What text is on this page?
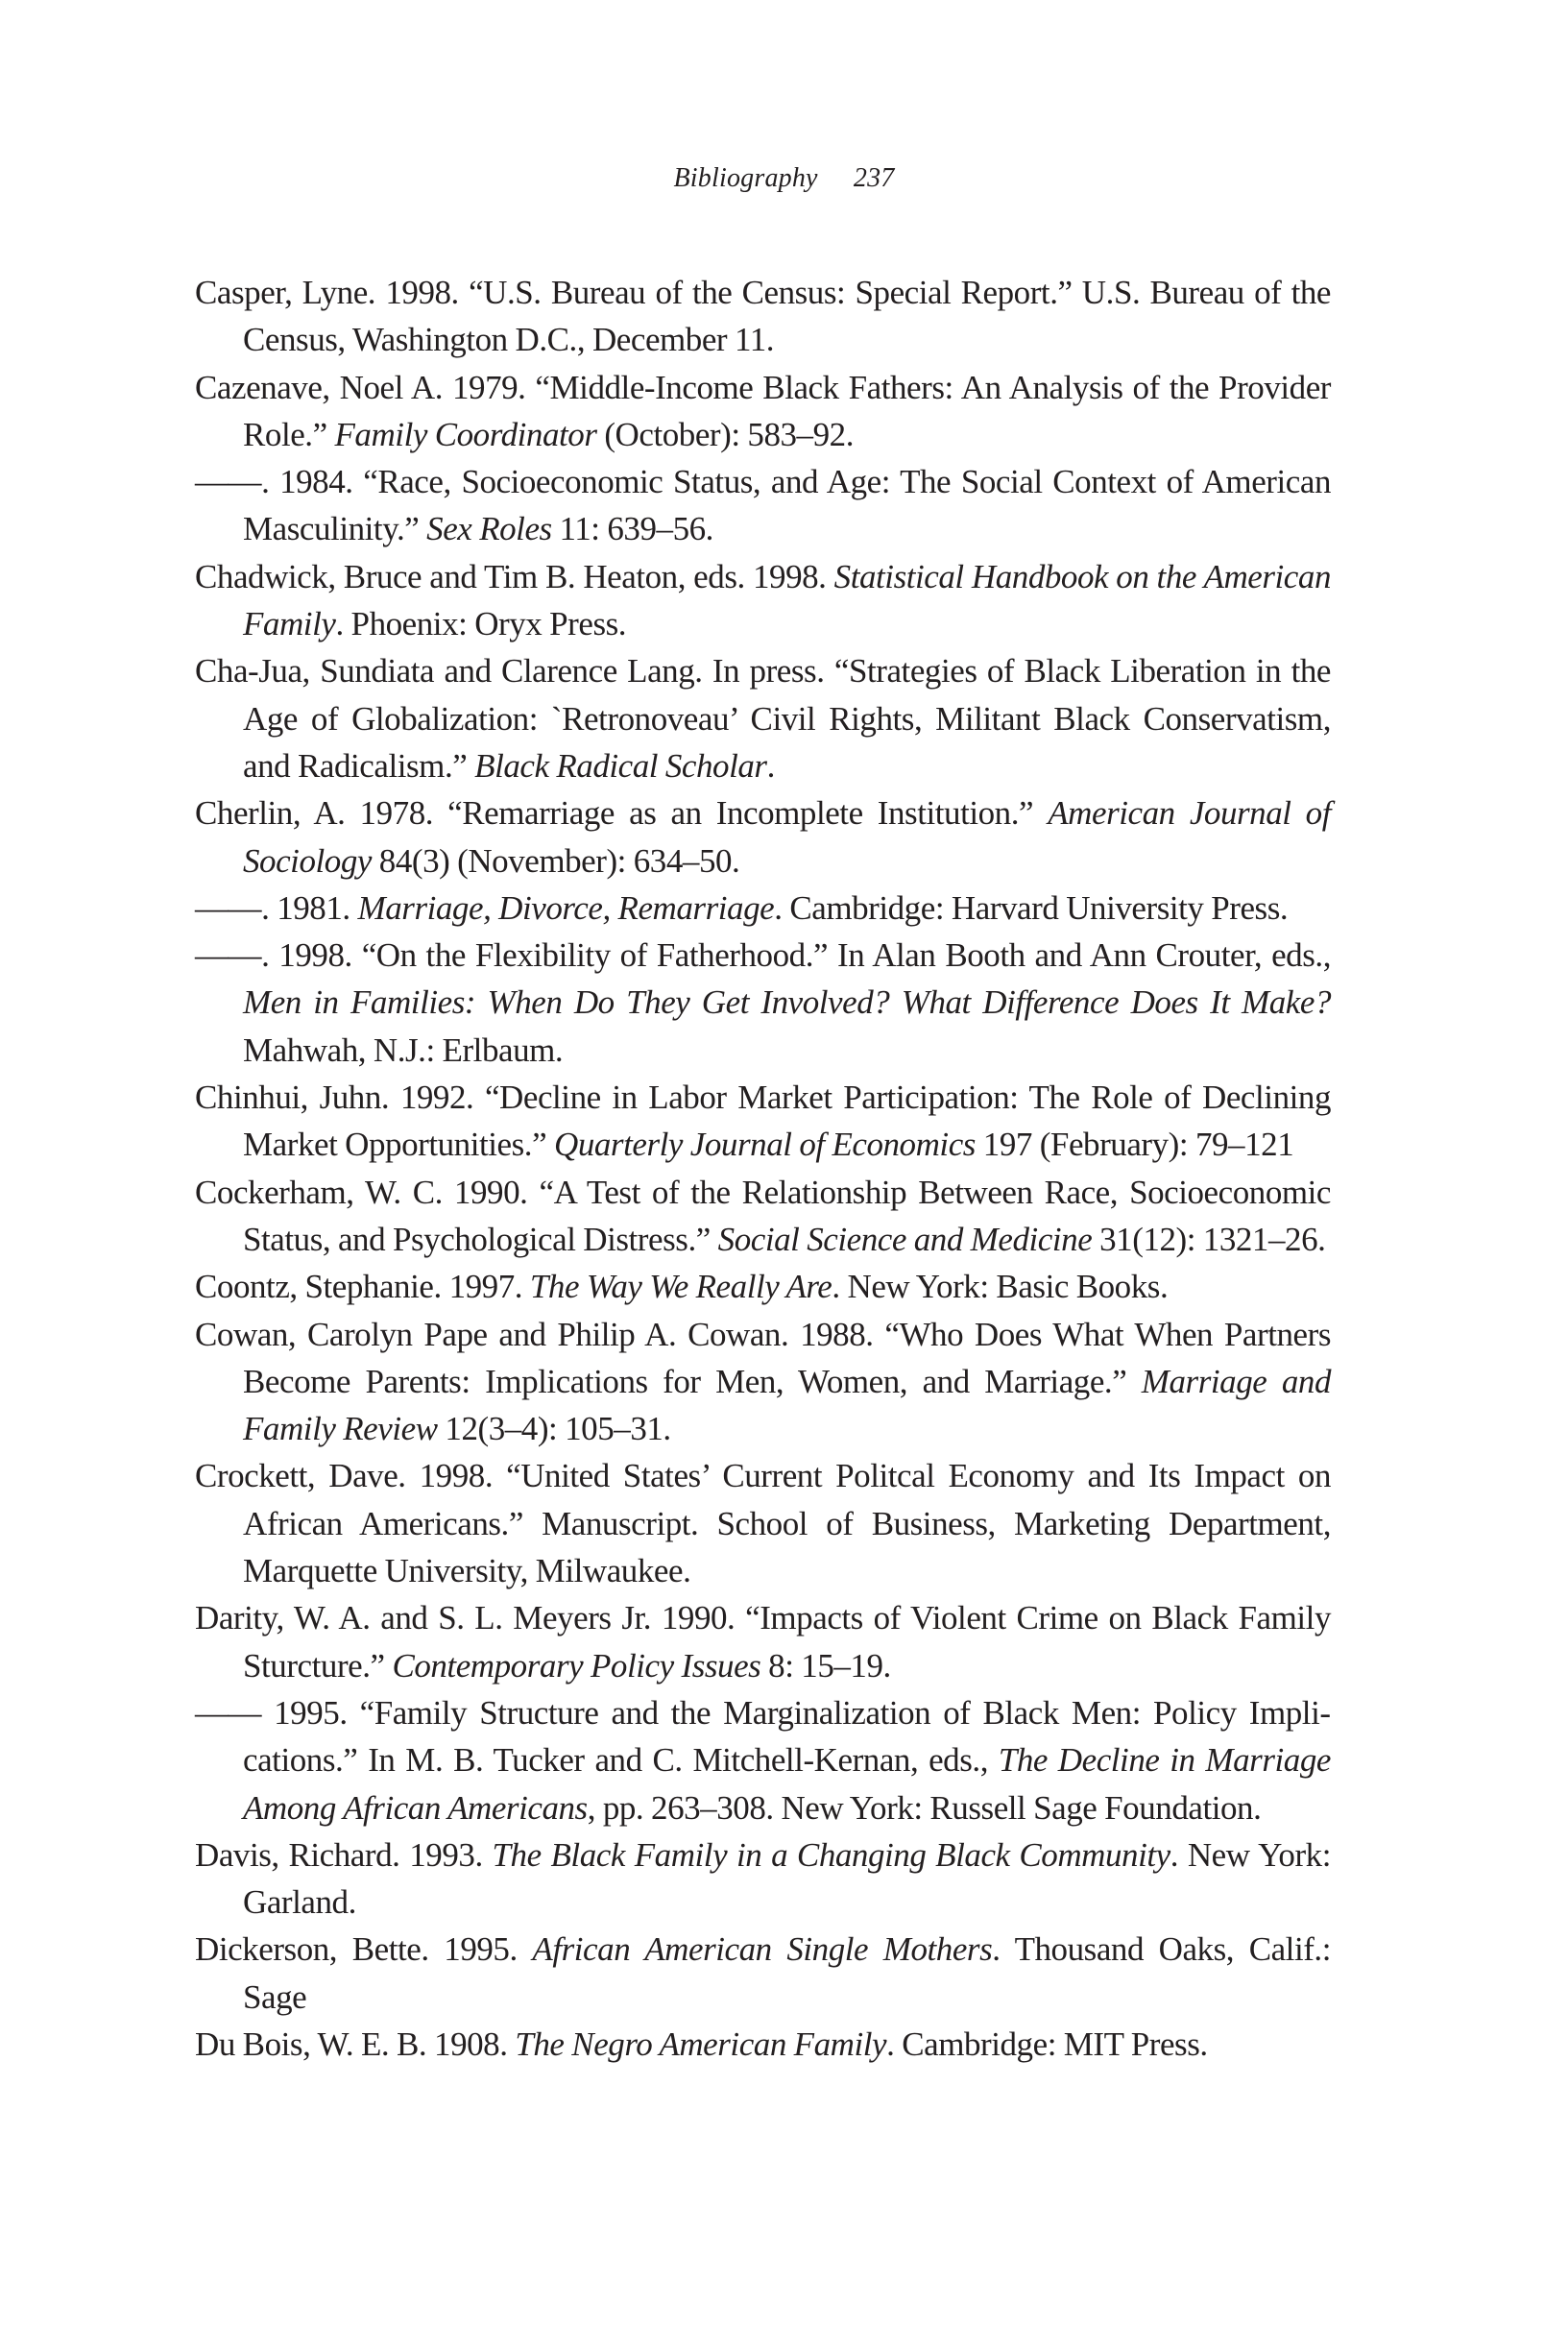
Bibliography 237
Casper, Lyne. 1998. “U.S. Bureau of the Census: Special Report.” U.S. Bureau of the Census, Washington D.C., December 11.
Cazenave, Noel A. 1979. “Middle-Income Black Fathers: An Analysis of the Provider Role.” Family Coordinator (October): 583–92.
——. 1984. “Race, Socioeconomic Status, and Age: The Social Context of American Masculinity.” Sex Roles 11: 639–56.
Chadwick, Bruce and Tim B. Heaton, eds. 1998. Statistical Handbook on the American Family. Phoenix: Oryx Press.
Cha-Jua, Sundiata and Clarence Lang. In press. “Strategies of Black Liberation in the Age of Globalization: `Retronoveau’ Civil Rights, Militant Black Conservatism, and Radicalism.” Black Radical Scholar.
Cherlin, A. 1978. “Remarriage as an Incomplete Institution.” American Journal of Sociology 84(3) (November): 634–50.
——. 1981. Marriage, Divorce, Remarriage. Cambridge: Harvard University Press.
——. 1998. “On the Flexibility of Fatherhood.” In Alan Booth and Ann Crouter, eds., Men in Families: When Do They Get Involved? What Difference Does It Make? Mahwah, N.J.: Erlbaum.
Chinhui, Juhn. 1992. “Decline in Labor Market Participation: The Role of Declining Market Opportunities.” Quarterly Journal of Economics 197 (February): 79–121
Cockerham, W. C. 1990. “A Test of the Relationship Between Race, Socioeconomic Status, and Psychological Distress.” Social Science and Medicine 31(12): 1321–26.
Coontz, Stephanie. 1997. The Way We Really Are. New York: Basic Books.
Cowan, Carolyn Pape and Philip A. Cowan. 1988. “Who Does What When Partners Become Parents: Implications for Men, Women, and Marriage.” Marriage and Family Review 12(3–4): 105–31.
Crockett, Dave. 1998. “United States’ Current Politcal Economy and Its Impact on African Americans.” Manuscript. School of Business, Marketing Department, Marquette University, Milwaukee.
Darity, W. A. and S. L. Meyers Jr. 1990. “Impacts of Violent Crime on Black Family Sturcture.” Contemporary Policy Issues 8: 15–19.
—— 1995. “Family Structure and the Marginalization of Black Men: Policy Implications.” In M. B. Tucker and C. Mitchell-Kernan, eds., The Decline in Marriage Among African Americans, pp. 263–308. New York: Russell Sage Foundation.
Davis, Richard. 1993. The Black Family in a Changing Black Community. New York: Garland.
Dickerson, Bette. 1995. African American Single Mothers. Thousand Oaks, Calif.: Sage
Du Bois, W. E. B. 1908. The Negro American Family. Cambridge: MIT Press.
